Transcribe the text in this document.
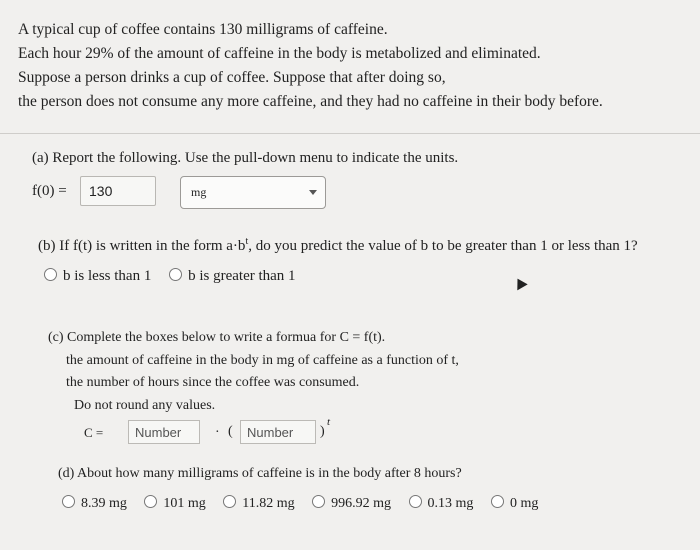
A typical cup of coffee contains 130 milligrams of caffeine.
Each hour 29% of the amount of caffeine in the body is metabolized and eliminated.
Suppose a person drinks a cup of coffee. Suppose that after doing so,
the person does not consume any more caffeine, and they had no caffeine in their body before.
(a) Report the following. Use the pull-down menu to indicate the units.
f(0) =	130	mg
(b) If f(t) is written in the form $a\cdot b^t$, do you predict the value of b to be greater than 1 or less than 1?
b is less than 1 b is greater than 1
(c) Complete the boxes below to write a formua for C = f(t).
the amount of caffeine in the body in mg of caffeine as a function of t,
the number of hours since the coffee was consumed.
Do not round any values.
C =	Number	· (	Number	)
t
(d) About how many milligrams of caffeine is in the body after 8 hours?
8.39 mg	101 mg	11.82 mg	996.92 mg	0.13 mg	0 mg
